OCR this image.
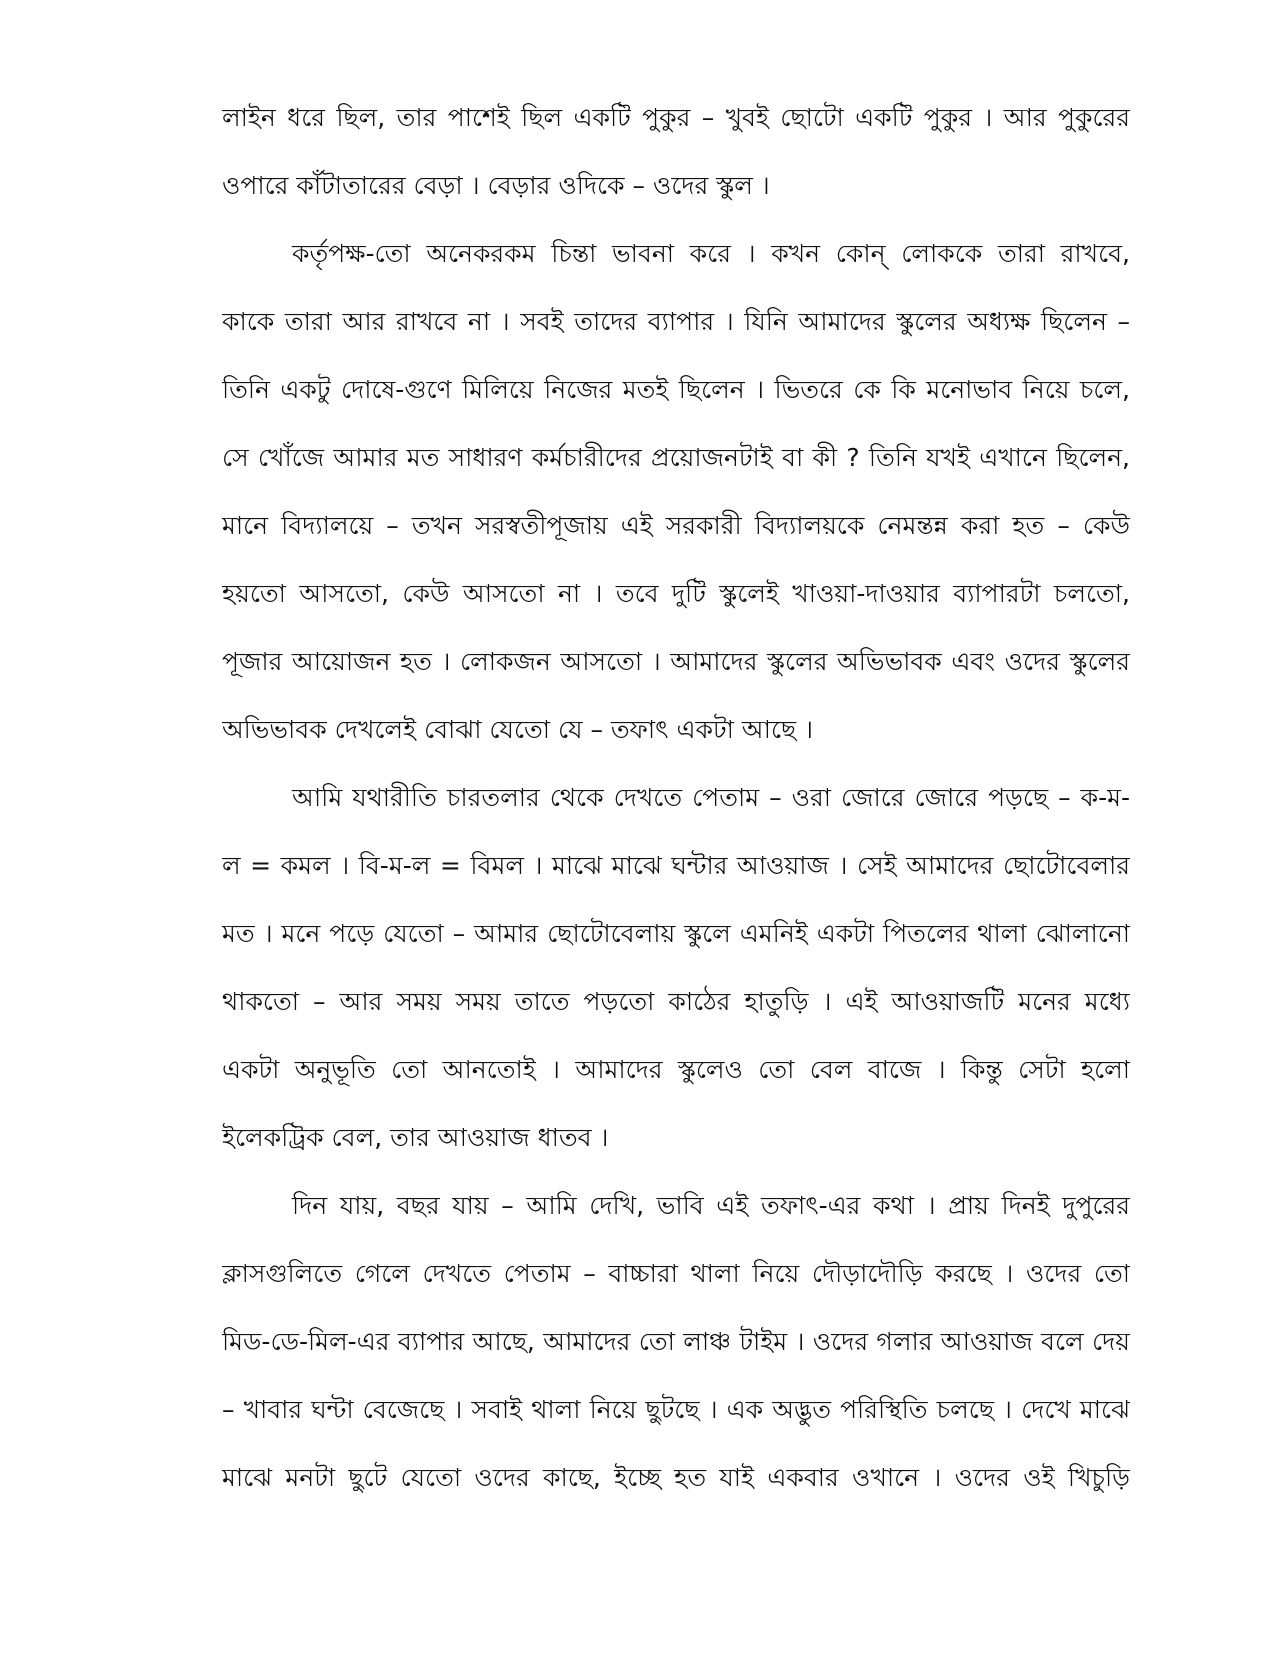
লাইন ধরে ছিল, তার পাশেই ছিল একটি পুকুর – খুবই ছোটো একটি পুকুর । আর পুকুরের
ওপারে কাঁটাতারের বেড়া । বেড়ার ওদিকে – ওদের স্কুল ।
কর্তৃপক্ষ-তো অনেকরকম চিন্তা ভাবনা করে । কখন কোন্ লোককে তারা রাখবে,
কাকে তারা আর রাখবে না । সবই তাদের ব্যাপার । যিনি আমাদের স্কুলের অধ্যক্ষ ছিলেন –
তিনি একটু দোষে-গুণে মিলিয়ে নিজের মতই ছিলেন । ভিতরে কে কি মনোভাব নিয়ে চলে,
সে খোঁজে আমার মত সাধারণ কর্মচারীদের প্রয়োজনটাই বা কী ? তিনি যখই এখানে ছিলেন,
মানে বিদ্যালয়ে – তখন সরস্বতীপূজায় এই সরকারী বিদ্যালয়কে নেমন্তন্ন করা হত – কেউ
হয়তো আসতো, কেউ আসতো না । তবে দুটি স্কুলেই খাওয়া-দাওয়ার ব্যাপারটা চলতো,
পূজার আয়োজন হত । লোকজন আসতো । আমাদের স্কুলের অভিভাবক এবং ওদের স্কুলের
অভিভাবক দেখলেই বোঝা যেতো যে – তফাৎ একটা আছে ।
আমি যথারীতি চারতলার থেকে দেখতে পেতাম – ওরা জোরে জোরে পড়ছে – ক-ম-
ল = কমল । বি-ম-ল = বিমল । মাঝে মাঝে ঘন্টার আওয়াজ । সেই আমাদের ছোটোবেলার
মত । মনে পড়ে যেতো – আমার ছোটোবেলায় স্কুলে এমনিই একটা পিতলের থালা ঝোলানো
থাকতো – আর সময় সময় তাতে পড়তো কাঠের হাতুড়ি । এই আওয়াজটি মনের মধ্যে
একটা অনুভূতি তো আনতোই । আমাদের স্কুলেও তো বেল বাজে । কিন্তু সেটা হলো
ইলেকট্রিক বেল, তার আওয়াজ ধাতব ।
দিন যায়, বছর যায় – আমি দেখি, ভাবি এই তফাৎ-এর কথা । প্রায় দিনই দুপুরের
ক্লাসগুলিতে গেলে দেখতে পেতাম – বাচ্চারা থালা নিয়ে দৌড়াদৌড়ি করছে । ওদের তো
মিড-ডে-মিল-এর ব্যাপার আছে, আমাদের তো লাঞ্চ টাইম । ওদের গলার আওয়াজ বলে দেয়
– খাবার ঘন্টা বেজেছে । সবাই থালা নিয়ে ছুটছে । এক অদ্ভুত পরিস্থিতি চলছে । দেখে মাঝে
মাঝে মনটা ছুটে যেতো ওদের কাছে, ইচ্ছে হত যাই একবার ওখানে । ওদের ওই খিচুড়ি
